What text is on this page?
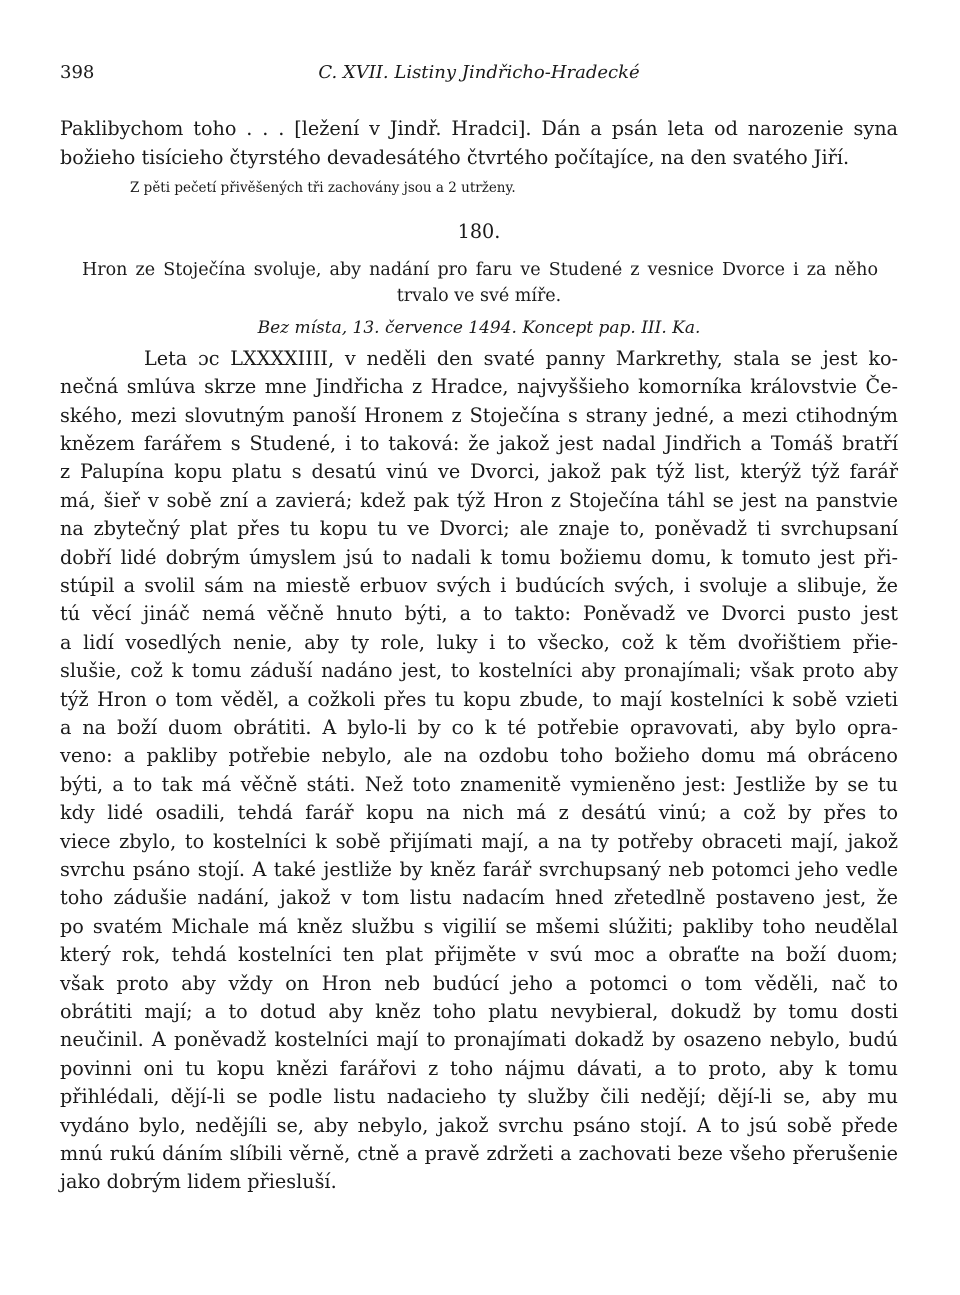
398	C. XVII. Listiny Jindřicho-Hradecké
Paklibychom toho . . . [ležení v Jindř. Hradci]. Dán a psán leta od narozenie syna
božieho tisícieho čtyrstého devadesátého čtvrtého počítajíce, na den svatého Jiří.
Z pěti pečetí přivěšených tři zachovány jsou a 2 utrženy.
180.
Hron ze Stoječína svoluje, aby nadání pro faru ve Studené z vesnice Dvorce i za něho
trvalo ve své míře.
Bez místa, 13. července 1494. Koncept pap. III. Ka.
Leta ɔc LXXXXIIII, v neděli den svaté panny Markrethy, stala se jest ko-
nečná smlúva skrze mne Jindřicha z Hradce, najvyššieho komorníka královstvie Če-
ského, mezi slovutným panoší Hronem z Stoječína s strany jedné, a mezi ctihodným
knězem farářem s Studené, i to taková: že jakož jest nadal Jindřich a Tomáš bratří
z Palupína kopu platu s desatú vinú ve Dvorci, jakož pak týž list, kterýž týž farář
má, šieř v sobě zní a zavierá; kdež pak týž Hron z Stoječína táhl se jest na panstvie
na zbytečný plat přes tu kopu tu ve Dvorci; ale znaje to, poněvadž ti svrchupsaní
dobří lidé dobrým úmyslem jsú to nadali k tomu božiemu domu, k tomuto jest při-
stúpil a svolil sám na miestě erbuov svých i budúcích svých, i svoluje a slibuje, že
tú věcí jináč nemá věčně hnuto býti, a to takto: Poněvadž ve Dvorci pusto jest
a lidí vosedlých nenie, aby ty role, luky i to všecko, což k těm dvořištiem přie-
slušie, což k tomu záduší nadáno jest, to kostelníci aby pronajímali; však proto aby
týž Hron o tom věděl, a cožkoli přes tu kopu zbude, to mají kostelníci k sobě vzieti
a na boží duom obrátiti. A bylo-li by co k té potřebie opravovati, aby bylo opra-
veno: a pakliby potřebie nebylo, ale na ozdobu toho božieho domu má obráceno
býti, a to tak má věčně státi. Než toto znamenitě vymieněno jest: Jestliže by se tu
kdy lidé osadili, tehdá farář kopu na nich má z desátú vinú; a což by přes to
viece zbylo, to kostelníci k sobě přijímati mají, a na ty potřeby obraceti mají, jakož
svrchu psáno stojí. A také jestliže by kněz farář svrchupsaný neb potomci jeho vedle
toho zádušie nadání, jakož v tom listu nadacím hned zřetedlně postaveno jest, že
po svatém Michale má kněz službu s vigilií se mšemi slúžiti; pakliby toho neudělal
který rok, tehdá kostelníci ten plat přijměte v svú moc a obraťte na boží duom;
však proto aby vždy on Hron neb budúcí jeho a potomci o tom věděli, nač to
obrátiti mají; a to dotud aby kněz toho platu nevybieral, dokudž by tomu dosti
neučinil. A poněvadž kostelníci mají to pronajímati dokadž by osazeno nebylo, budú
povinni oni tu kopu knězi farářovi z toho nájmu dávati, a to proto, aby k tomu
přihlédali, dějí-li se podle listu nadacieho ty služby čili nedějí; dějí-li se, aby mu
vydáno bylo, nedějíli se, aby nebylo, jakož svrchu psáno stojí. A to jsú sobě přede
mnú rukú dáním slíbili věrně, ctně a pravě zdržeti a zachovati beze všeho přerušenie
jako dobrým lidem přiesluší.
